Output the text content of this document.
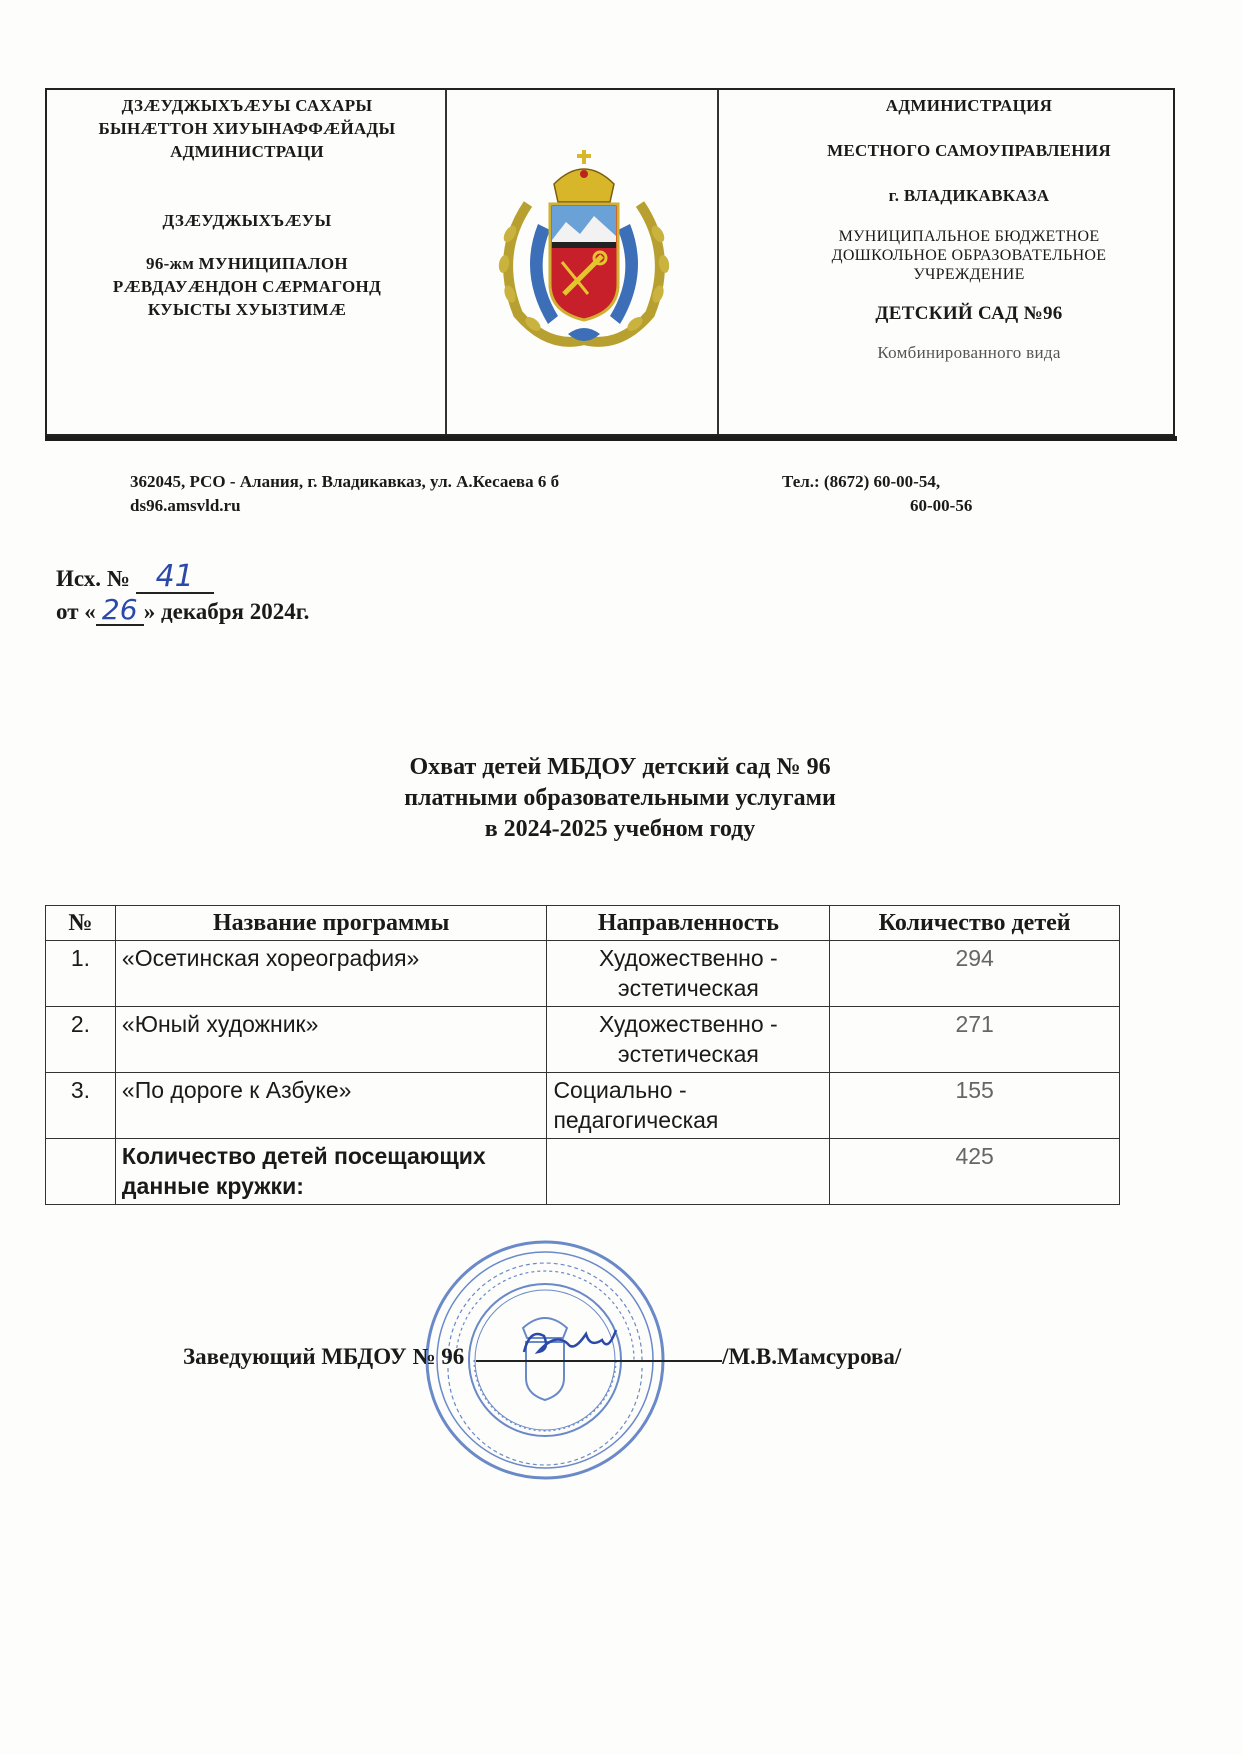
ДЗÆУДЖЫХЪÆУЫ САХАРЫ

БЫНÆТТОН ХИУЫНАФФÆЙАДЫ

АДМИНИСТРАЦИ

ДЗÆУДЖЫХЪÆУЫ

96-жм МУНИЦИПАЛОН

РÆВДАУÆНДОН СÆРМАГОНД

КУЫСТЫ ХУЫЗТИМÆ

АДМИНИСТРАЦИЯ

МЕСТНОГО САМОУПРАВЛЕНИЯ

г. ВЛАДИКАВКАЗА

МУНИЦИПАЛЬНОЕ БЮДЖЕТНОЕ

ДОШКОЛЬНОЕ ОБРАЗОВАТЕЛЬНОЕ

УЧРЕЖДЕНИЕ

ДЕТСКИЙ САД №96

Комбинированного вида

362045, РСО - Алания, г. Владикавказ, ул. А.Кесаева 6 б
ds96.amsvld.ru
Тел.: (8672) 60-00-54,
60-00-56
Исх. № 41
от « 26 » декабря 2024г.

Охват детей МБДОУ детский сад № 96

платными образовательными услугами

в 2024-2025 учебном году

№	Название программы	Направленность	Количество детей
1.	«Осетинская хореография»	Художественно - эстетическая	294
2.	«Юный художник»	Художественно - эстетическая	271
3.	«По дороге к Азбуке»	Социально - педагогическая	155
	Количество детей посещающих данные кружки:		425
Заведующий МБДОУ № 96	/М.В.Мамсурова/
